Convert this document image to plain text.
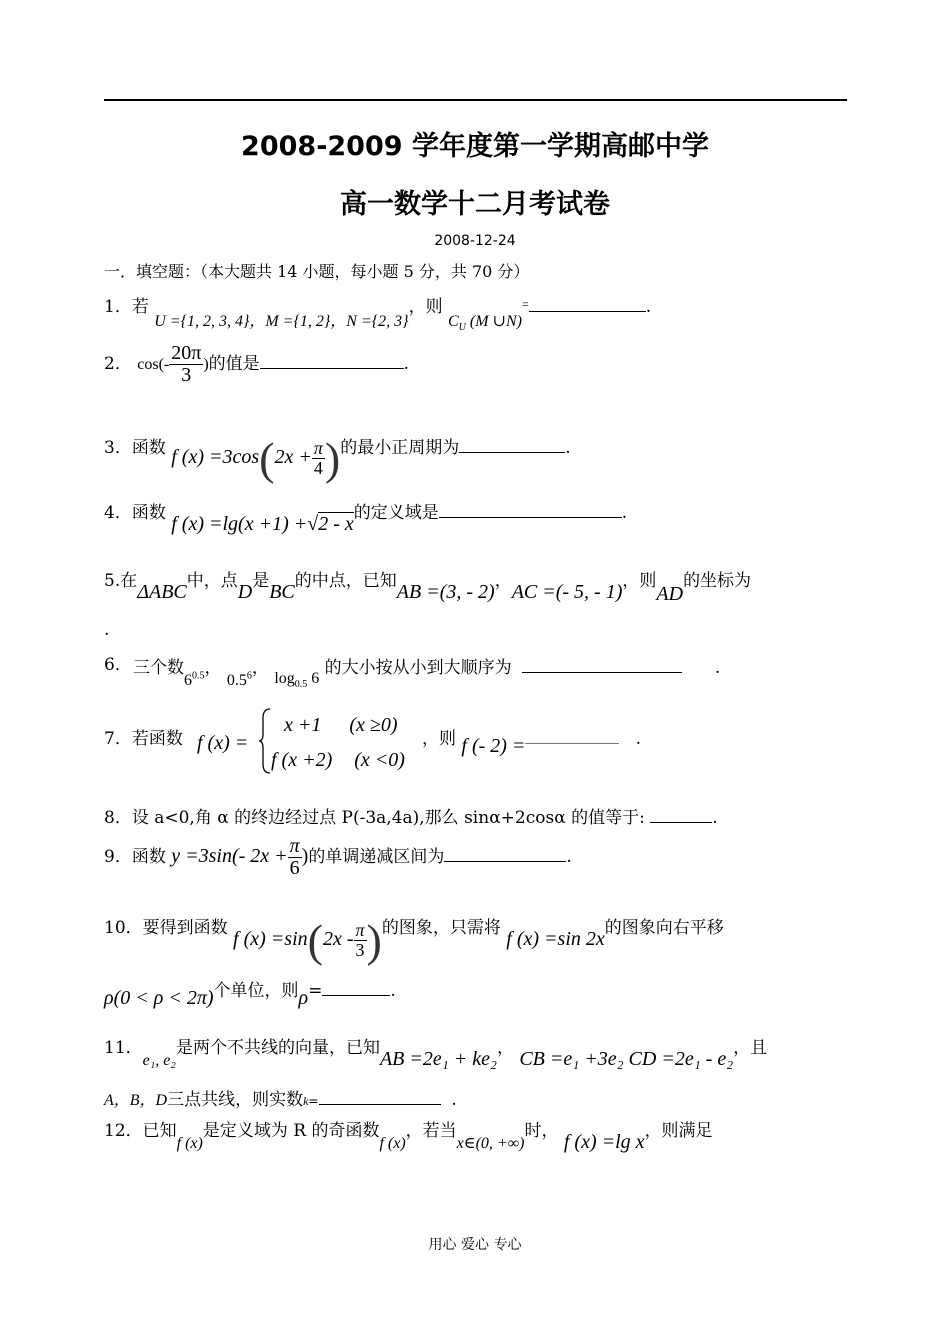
2008-2009 学年度第一学期高邮中学
高一数学十二月考试卷
2008-12-24
一．填空题：（本大题共 14 小题，每小题 5 分，共 70 分）
1．若 U ={1, 2, 3, 4}，M ={1, 2}，N ={2, 3}，则 $C_U$ (M ∪N)=	.
2． $\cos(- \frac{20\pi}{3}$ )的值是	.
3．函数 f $(x) =3\cos(2x + \frac{\pi}{4}$ )的最小正周期为	.
4．函数 f (x) =lg(x +1) +√2 - x的定义域是	.
5.在ΔABC中，点D是BC的中点，已知AB =(3, - 2)，AC =(- 5, - 1)，则AD的坐标为
.
6． 三个数$6^{0.5}$， $0.5^6$， $\log_{0.5} 6$ 的大小按从小到大顺序为	.
7．若函数 f (x) =
x +1 (x ≥0)
f (x +2) (x <0)
，则 f (- 2) =	.
8．设 a<0,角 α 的终边经过点 P(-3a,4a),那么 sinα+2cosα 的值等于:	.
9．函数 y =3sin(- $2x + \frac{\pi}{6}$ )的单调递减区间为	.
10．要得到函数 f $(x) =\sin(2x - \frac{\pi}{3}$ )的图象，只需将 f (x) =sin 2x的图象向右平移
ρ(0 < ρ < 2π)个单位，则ρ=	.
11．e₁, e₂是两个不共线的向量，已知AB =2e₁ + ke₂， CB =e₁ +3e₂ CD =2e₁ - e₂，且
A，B，D三点共线，则实数k=	.
12．已知f (x)是定义域为 R 的奇函数f (x)，若当x∈(0, +∞)时， f (x) =lg x，则满足
用心 爱心 专心
